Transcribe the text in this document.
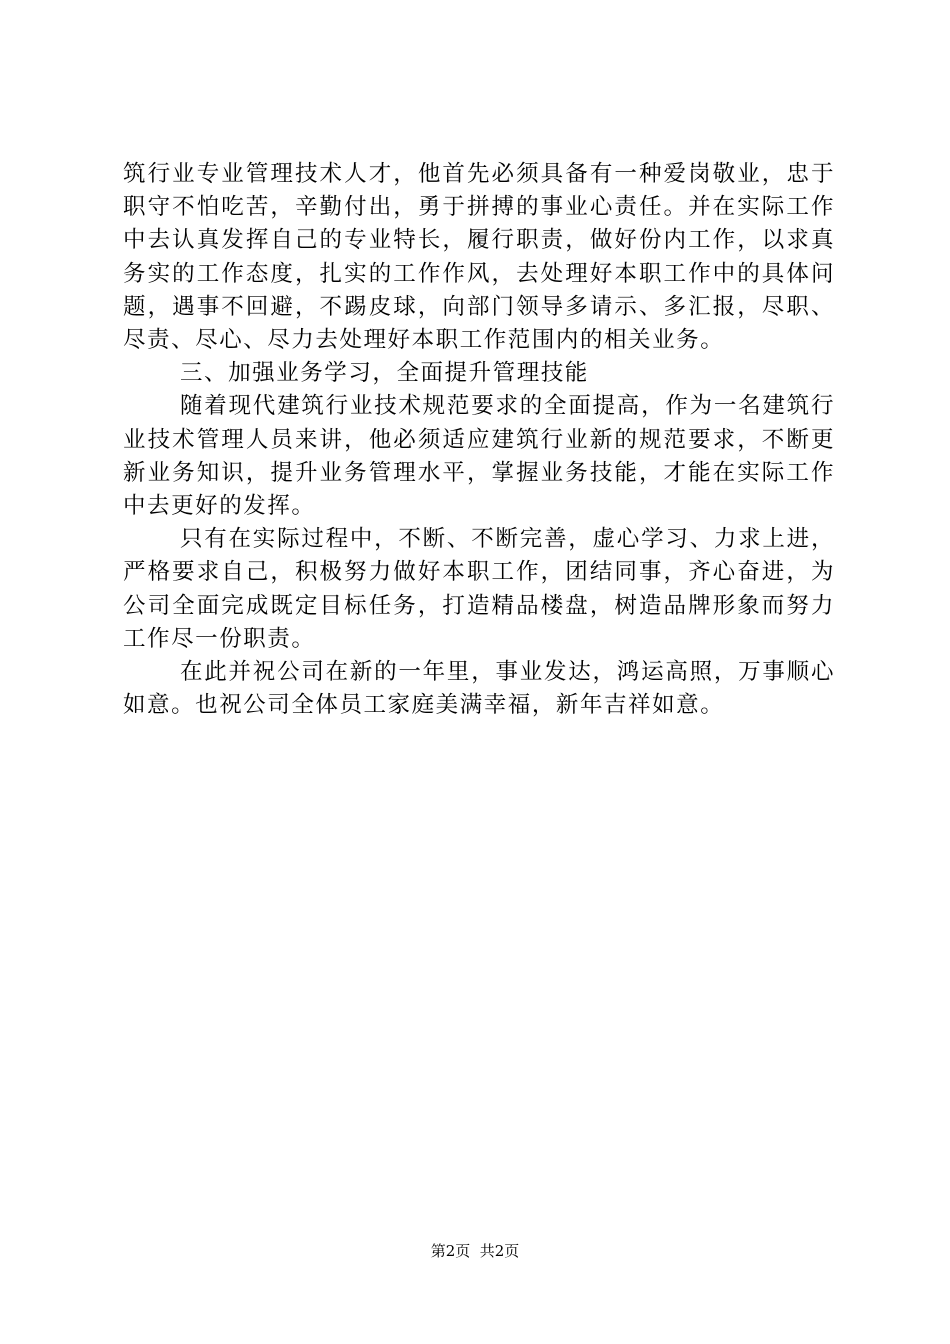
筑行业专业管理技术人才，他首先必须具备有一种爱岗敬业，忠于职守不怕吃苦，辛勤付出，勇于拼搏的事业心责任。并在实际工作中去认真发挥自己的专业特长，履行职责，做好份内工作，以求真务实的工作态度，扎实的工作作风，去处理好本职工作中的具体问题，遇事不回避，不踢皮球，向部门领导多请示、多汇报，尽职、尽责、尽心、尽力去处理好本职工作范围内的相关业务。

三、加强业务学习，全面提升管理技能

随着现代建筑行业技术规范要求的全面提高，作为一名建筑行业技术管理人员来讲，他必须适应建筑行业新的规范要求，不断更新业务知识，提升业务管理水平，掌握业务技能，才能在实际工作中去更好的发挥。

只有在实际过程中，不断、不断完善，虚心学习、力求上进，严格要求自己，积极努力做好本职工作，团结同事，齐心奋进，为公司全面完成既定目标任务，打造精品楼盘，树造品牌形象而努力工作尽一份职责。

在此并祝公司在新的一年里，事业发达，鸿运高照，万事顺心如意。也祝公司全体员工家庭美满幸福，新年吉祥如意。

第2页  共2页
